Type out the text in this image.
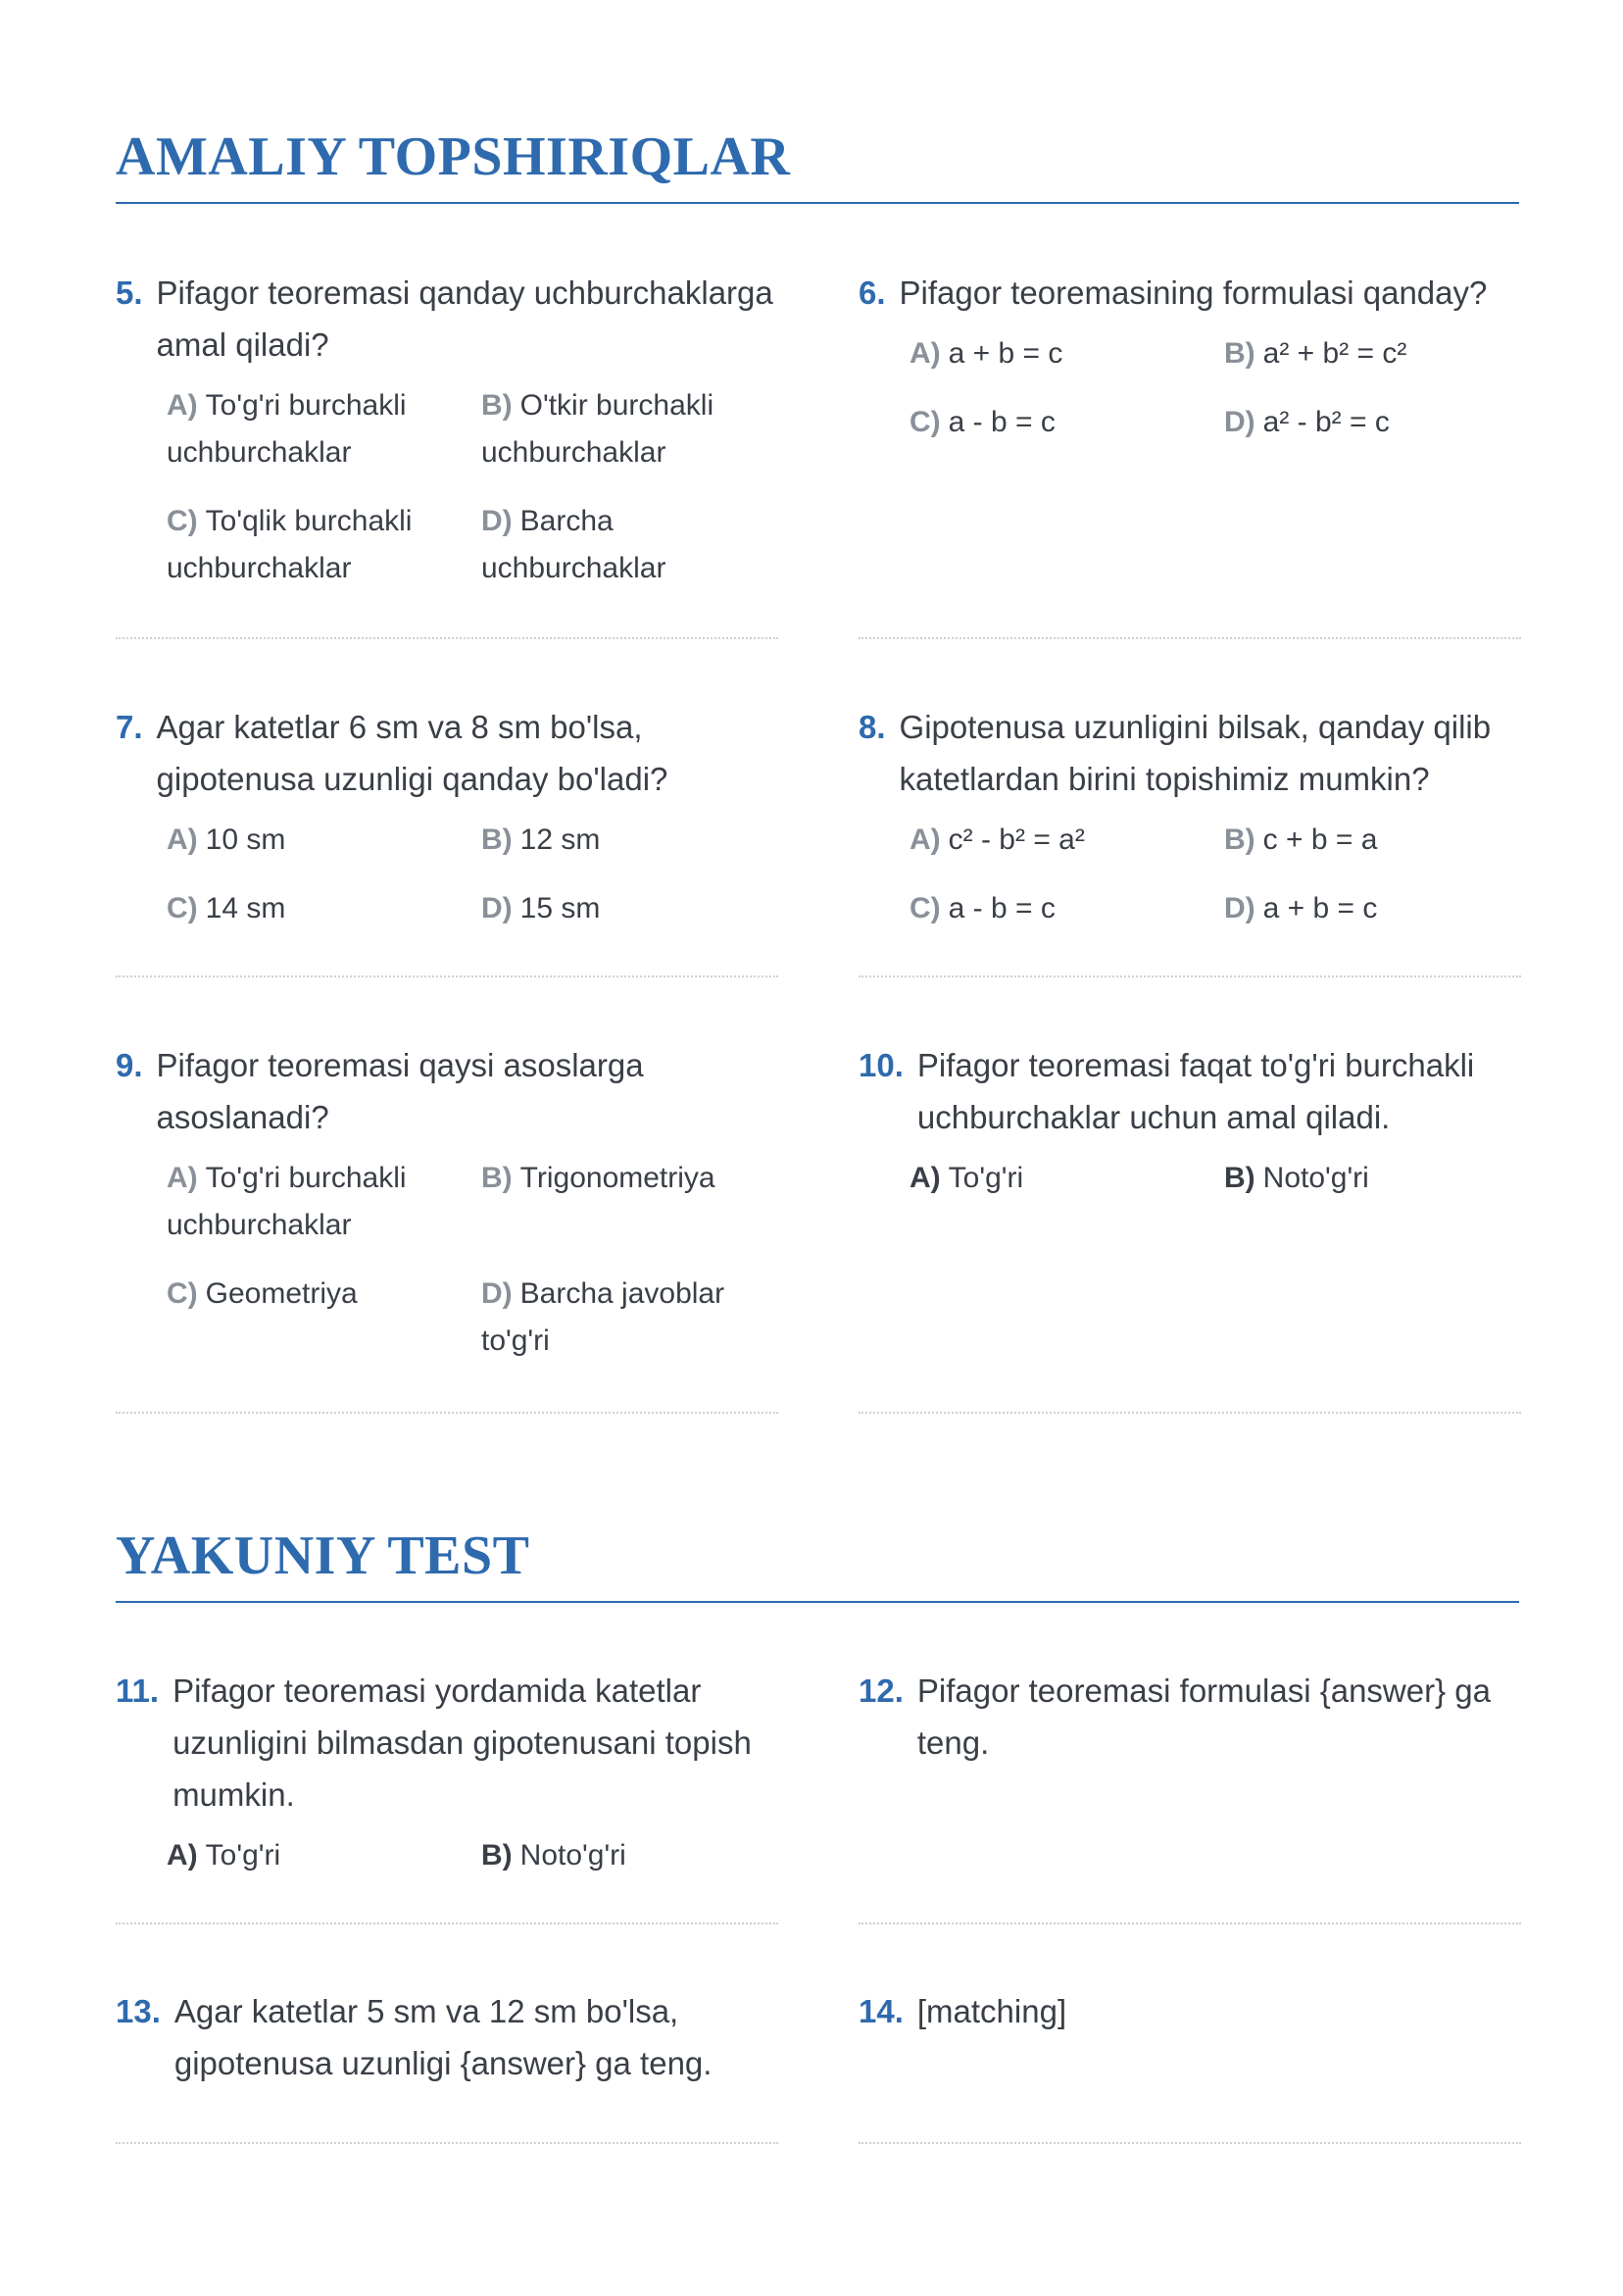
AMALIY TOPSHIRIQLAR
5. Pifagor teoremasi qanday uchburchaklarga amal qiladi?
A) To'g'ri burchakli uchburchaklar
B) O'tkir burchakli uchburchaklar
C) To'qlik burchakli uchburchaklar
D) Barcha uchburchaklar
6. Pifagor teoremasining formulasi qanday?
A) a + b = c	B) a² + b² = c²
C) a - b = c	D) a² - b² = c
7. Agar katetlar 6 sm va 8 sm bo'lsa, gipotenusa uzunligi qanday bo'ladi?
A) 10 sm	B) 12 sm
C) 14 sm	D) 15 sm
8. Gipotenusa uzunligini bilsak, qanday qilib katetlardan birini topishimiz mumkin?
A) c² - b² = a²	B) c + b = a
C) a - b = c	D) a + b = c
9. Pifagor teoremasi qaysi asoslarga asoslanadi?
A) To'g'ri burchakli uchburchaklar
B) Trigonometriya
C) Geometriya	D) Barcha javoblar to'g'ri
10. Pifagor teoremasi faqat to'g'ri burchakli uchburchaklar uchun amal qiladi.
A) To'g'ri	B) Noto'g'ri
YAKUNIY TEST
11. Pifagor teoremasi yordamida katetlar uzunligini bilmasdan gipotenusani topish mumkin.
A) To'g'ri	B) Noto'g'ri
12. Pifagor teoremasi formulasi {answer} ga teng.
13. Agar katetlar 5 sm va 12 sm bo'lsa, gipotenusa uzunligi {answer} ga teng.
14. [matching]
